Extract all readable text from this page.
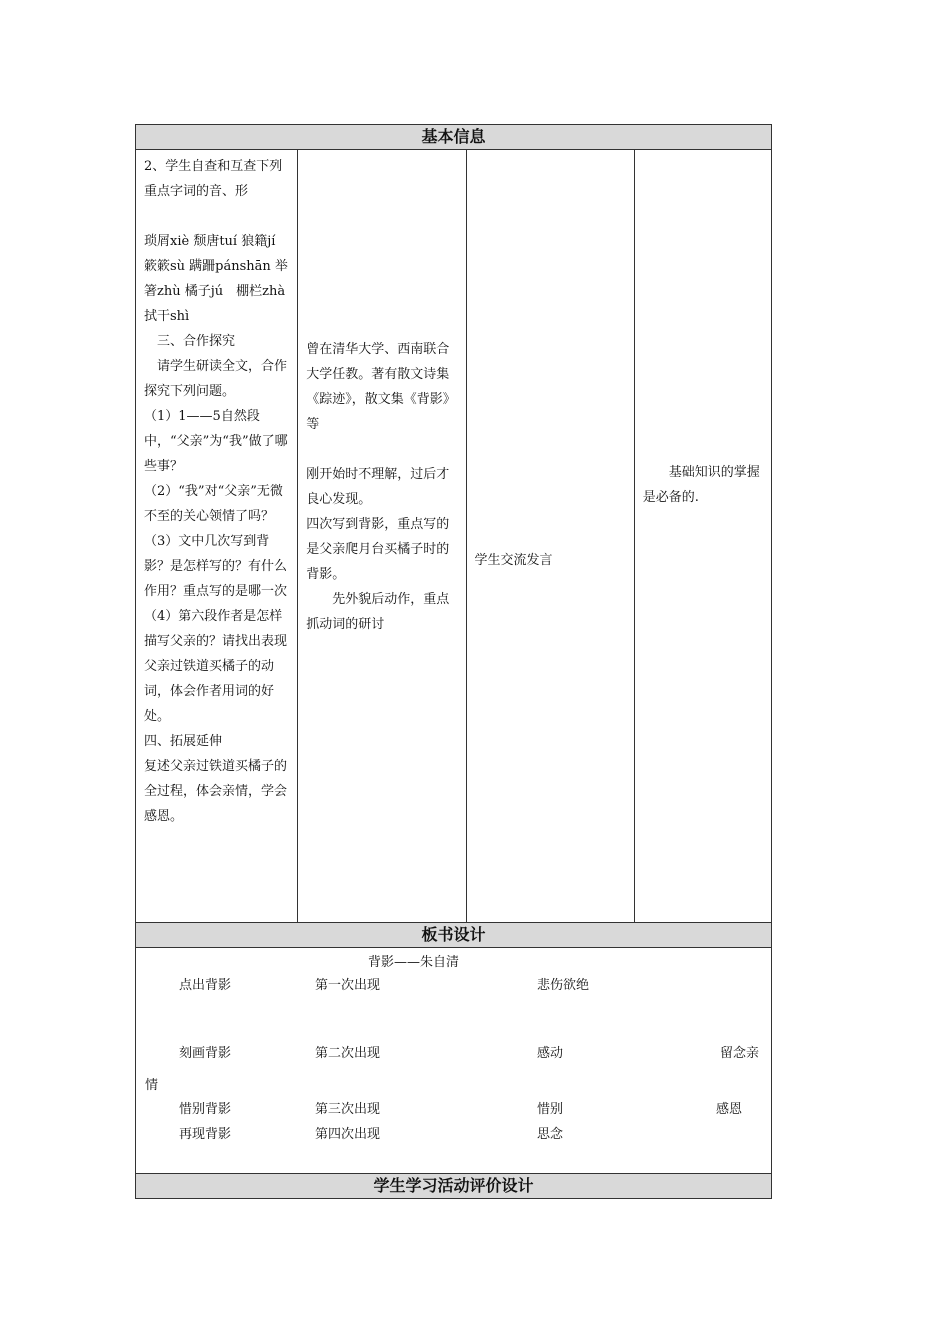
基本信息

2、学生自查和互查下列重点字词的音、形

琐屑xiè 颓唐tuí 狼籍jí 簌簌sù 蹒跚pánshān 举箸zhù 橘子jú　棚栏zhà 拭干shì
　三、合作探究
　请学生研读全文，合作探究下列问题。
（1）1——5自然段中，“父亲”为“我”做了哪些事？
（2）“我”对“父亲”无微不至的关心领情了吗？
（3）文中几次写到背影？是怎样写的？有什么作用？重点写的是哪一次
（4）第六段作者是怎样描写父亲的？请找出表现父亲过铁道买橘子的动词，体会作者用词的好处。
四、拓展延伸
复述父亲过铁道买橘子的全过程，体会亲情，学会感恩。

曾在清华大学、西南联合大学任教。著有散文诗集《踪迹》，散文集《背影》等

刚开始时不理解，过后才良心发现。
四次写到背影，重点写的是父亲爬月台买橘子时的背影。
　　先外貌后动作，重点抓动词的研讨

学生交流发言

　　基础知识的掌握是必备的.

板书设计

背影——朱自清
点出背影	第一次出现	悲伤欲绝
刻画背影	第二次出现	感动	留念亲
情
惜别背影	第三次出现	惜别	感恩
再现背影	第四次出现	思念

学生学习活动评价设计
